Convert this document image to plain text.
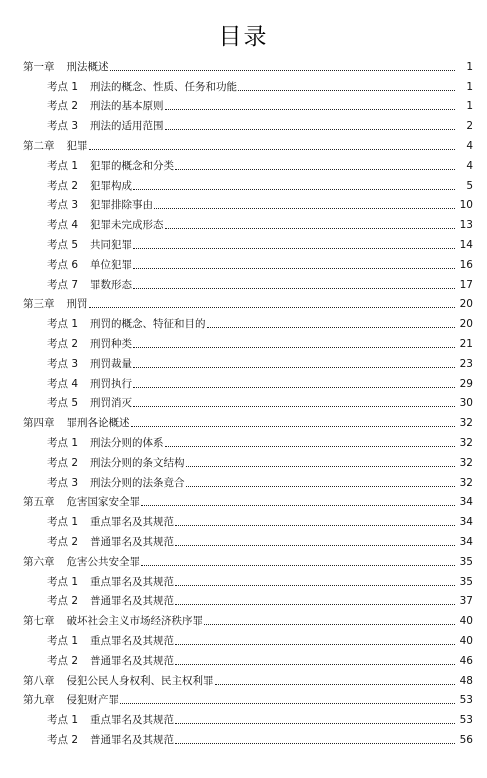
目录
第一章 刑法概述	1
考点 1 刑法的概念、性质、任务和功能	1
考点 2 刑法的基本原则	1
考点 3 刑法的适用范围	2
第二章 犯罪	4
考点 1 犯罪的概念和分类	4
考点 2 犯罪构成	5
考点 3 犯罪排除事由	10
考点 4 犯罪未完成形态	13
考点 5 共同犯罪	14
考点 6 单位犯罪	16
考点 7 罪数形态	17
第三章 刑罚	20
考点 1 刑罚的概念、特征和目的	20
考点 2 刑罚种类	21
考点 3 刑罚裁量	23
考点 4 刑罚执行	29
考点 5 刑罚消灭	30
第四章 罪刑各论概述	32
考点 1 刑法分则的体系	32
考点 2 刑法分则的条文结构	32
考点 3 刑法分则的法条竟合	32
第五章 危害国家安全罪	34
考点 1 重点罪名及其规范	34
考点 2 普通罪名及其规范	34
第六章 危害公共安全罪	35
考点 1 重点罪名及其规范	35
考点 2 普通罪名及其规范	37
第七章 破坏社会主义市场经济秩序罪	40
考点 1 重点罪名及其规范	40
考点 2 普通罪名及其规范	46
第八章 侵犯公民人身权利、民主权利罪	48
第九章 侵犯财产罪	53
考点 1 重点罪名及其规范	53
考点 2 普通罪名及其规范	56
